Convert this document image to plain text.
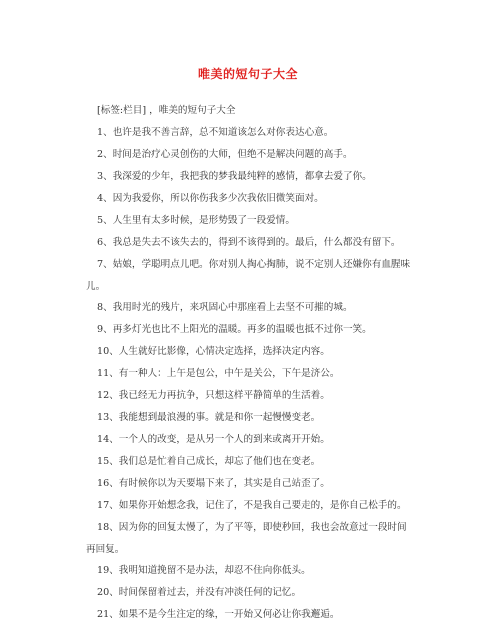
唯美的短句子大全

[标签:栏目] ，唯美的短句子大全

1、也许是我不善言辞，总不知道该怎么对你表达心意。

2、时间是治疗心灵创伤的大师，但绝不是解决问题的高手。

3、我深爱的少年，我把我的梦我最纯粹的感情，都拿去爱了你。

4、因为我爱你，所以你伤我多少次我依旧微笑面对。

5、人生里有太多时候，是形势毁了一段爱情。

6、我总是失去不该失去的，得到不该得到的。最后，什么都没有留下。

7、姑娘，学聪明点儿吧。你对别人掏心掏肺，说不定别人还嫌你有血腥味儿。

8、我用时光的残片，来巩固心中那座看上去坚不可摧的城。

9、再多灯光也比不上阳光的温暖。再多的温暖也抵不过你一笑。

10、人生就好比影像，心情决定选择，选择决定内容。

11、有一种人：上午是包公，中午是关公，下午是济公。

12、我已经无力再抗争，只想这样平静简单的生活着。

13、我能想到最浪漫的事。就是和你一起慢慢变老。

14、一个人的改变，是从另一个人的到来或离开开始。

15、我们总是忙着自己成长，却忘了他们也在变老。

16、有时候你以为天要塌下来了，其实是自己站歪了。

17、如果你开始想念我，记住了，不是我自己要走的，是你自己松手的。

18、因为你的回复太慢了，为了平等，即使秒回，我也会故意过一段时间再回复。

19、我明知道挽留不是办法，却忍不住向你低头。

20、时间保留着过去，并没有冲淡任何的记忆。

21、如果不是今生注定的缘，一开始又何必让你我邂逅。
